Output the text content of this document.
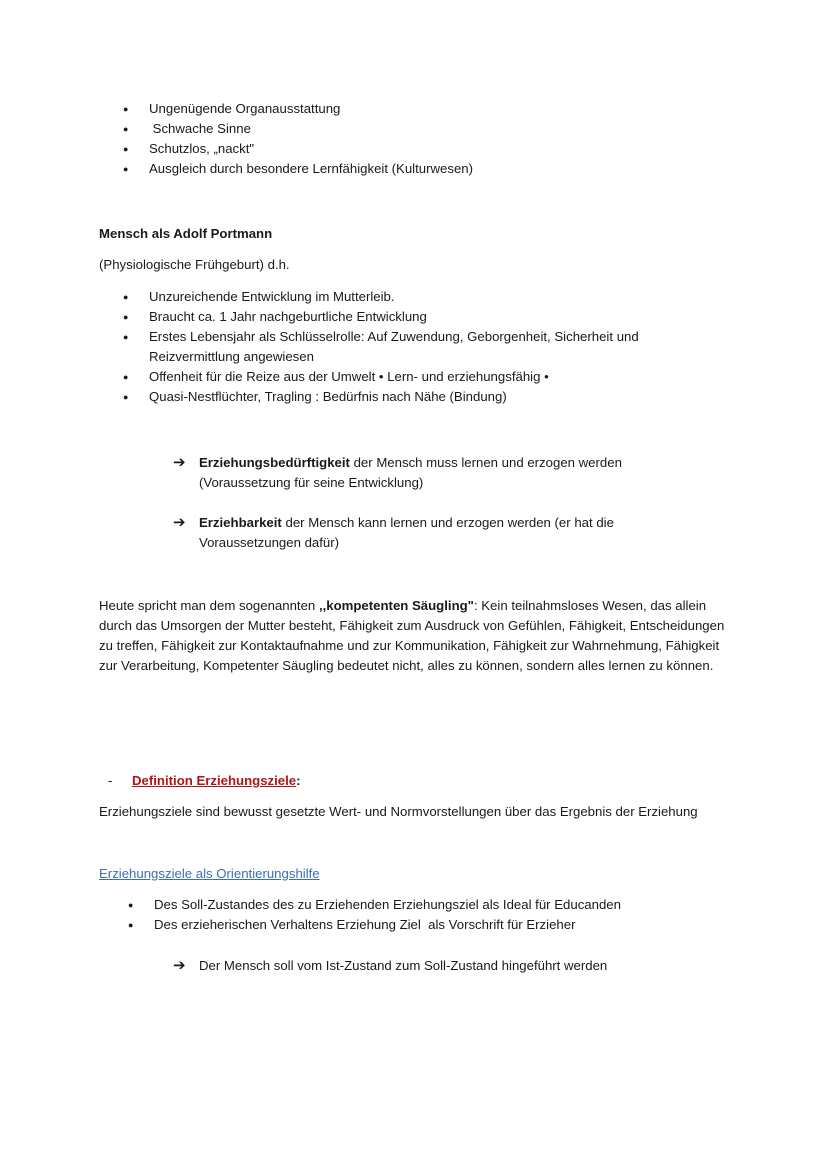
● Ungenügende Organausstattung
●  Schwache Sinne
● Schutzlos, „nackt"
● Ausgleich durch besondere Lernfähigkeit (Kulturwesen)
Mensch als Adolf Portmann
(Physiologische Frühgeburt) d.h.
● Unzureichende Entwicklung im Mutterleib.
● Braucht ca. 1 Jahr nachgeburtliche Entwicklung
● Erstes Lebensjahr als Schlüsselrolle: Auf Zuwendung, Geborgenheit, Sicherheit und Reizvermittlung angewiesen
● Offenheit für die Reize aus der Umwelt • Lern- und erziehungsfähig •
● Quasi-Nestflüchter, Tragling : Bedürfnis nach Nähe (Bindung)
➔ Erziehungsbedürftigkeit der Mensch muss lernen und erzogen werden (Voraussetzung für seine Entwicklung)
➔ Erziehbarkeit der Mensch kann lernen und erzogen werden (er hat die Voraussetzungen dafür)
Heute spricht man dem sogenannten ,,kompetenten Säugling": Kein teilnahmsloses Wesen, das allein durch das Umsorgen der Mutter besteht, Fähigkeit zum Ausdruck von Gefühlen, Fähigkeit, Entscheidungen zu treffen, Fähigkeit zur Kontaktaufnahme und zur Kommunikation, Fähigkeit zur Wahrnehmung, Fähigkeit zur Verarbeitung, Kompetenter Säugling bedeutet nicht, alles zu können, sondern alles lernen zu können.
- Definition Erziehungsziele:
Erziehungsziele sind bewusst gesetzte Wert- und Normvorstellungen über das Ergebnis der Erziehung
Erziehungsziele als Orientierungshilfe
● Des Soll-Zustandes des zu Erziehenden Erziehungsziel als Ideal für Educanden
● Des erzieherischen Verhaltens Erziehung Ziel  als Vorschrift für Erzieher
➔ Der Mensch soll vom Ist-Zustand zum Soll-Zustand hingeführt werden
